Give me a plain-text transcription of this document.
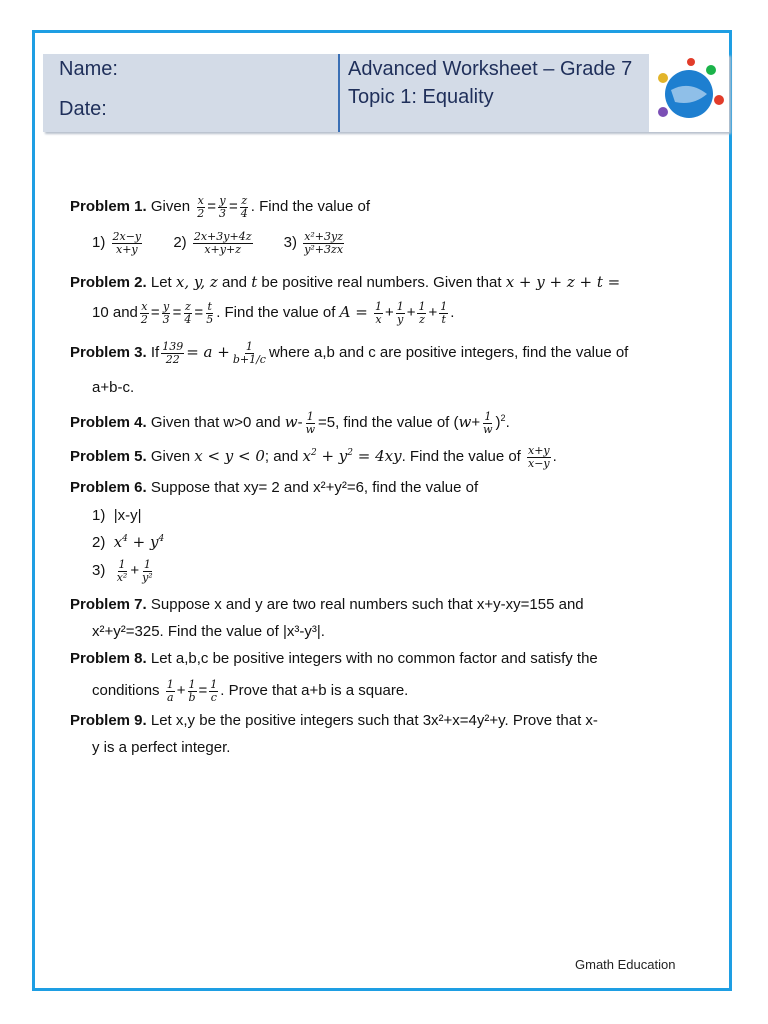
Name:
Date:
Advanced Worksheet – Grade 7
Topic 1: Equality
Problem 1. Given $\frac{x}{2} = \frac{y}{3} = \frac{z}{4}$ . Find the value of
$1) \frac{2x-y}{x+y} 2) \frac{2x+3y+4z}{x+y+z} 3) \frac{\text{x²+3yz}}{\text{y²+3zx}}$
Problem 2. Let x, y, z and t be positive real numbers. Given that x + y + z + t =
10 and $\frac{x}{2} = \frac{y}{3} = \frac{z}{4} = \frac{t}{5}$ . Find the value of $A = \frac{1}{x} + \frac{1}{y} + \frac{1}{z} + \frac{1}{t}$ .
Problem 3. If $\frac{139}{22} = a + \frac{1}{b+1/c}$ where a,b and c are positive integers, find the value of
a+b-c.
Problem 4. Given that w>0 and $w- \frac{1}{w} =5$, find the value of $(w+ \frac{1}{w} )^2$.
Problem 5. Given x < y < 0; and $x^2 + y^2 = 4xy$. Find the value of $\frac{x+y}{x-y}$ .
Problem 6. Suppose that xy= 2 and x²+y²=6, find the value of
1)  |x-y|
2)  $x^4 + y^4$
$3) \frac{1}{\text{x²}} + \frac{1}{\text{y²}}$
Problem 7. Suppose x and y are two real numbers such that x+y-xy=155 and
x²+y²=325. Find the value of |x³-y³|.
Problem 8. Let a,b,c be positive integers with no common factor and satisfy the
conditions $\frac{1}{a} + \frac{1}{b} = \frac{1}{c}$ . Prove that a+b is a square.
Problem 9. Let x,y be the positive integers such that 3x²+x=4y²+y. Prove that x-
y is a perfect integer.
Gmath Education
